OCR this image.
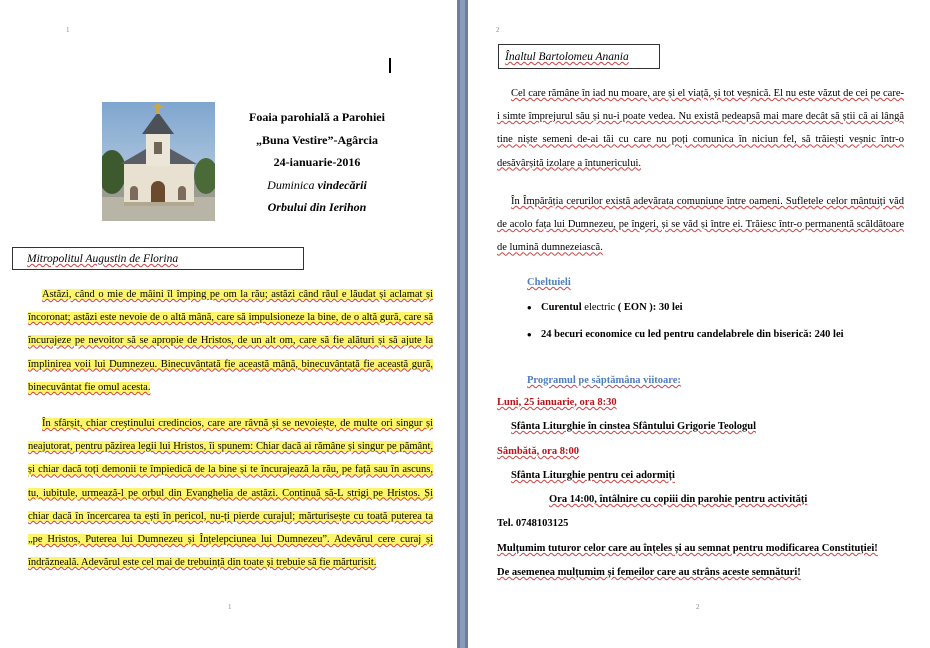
1
Foaia parohială a Parohiei
„Buna Vestire”-Agârcia
24-ianuarie-2016
Duminica vindecării
Orbului din Ierihon
Mitropolitul Augustin de Florina
Astăzi, când o mie de mâini îl împing pe om la rău; astăzi când răul e lăudat și aclamat și încoronat; astăzi este nevoie de o altă mână, care să impulsioneze la bine, de o altă gură, care să încurajeze pe nevoitor să se apropie de Hristos, de un alt om, care să fie alături și să ajute la împlinirea voii lui Dumnezeu. Binecuvântată fie această mână, binecuvântată fie această gură, binecuvântat fie omul acesta.
În sfârșit, chiar creștinului credincios, care are râvnă și se nevoiește, de multe ori singur și neajutorat, pentru păzirea legii lui Hristos, îi spunem: Chiar dacă ai rămâne și singur pe pământ, și chiar dacă toți demonii te împiedică de la bine și te încurajează la rău, pe față sau în ascuns, tu, iubitule, urmează-l pe orbul din Evanghelia de astăzi. Continuă să-L strigi pe Hristos. Și chiar dacă în încercarea ta ești în pericol, nu-ți pierde curajul; mărturisește cu toată puterea ta „pe Hristos, Puterea lui Dumnezeu și Înțelepciunea lui Dumnezeu”. Adevărul cere curaj și îndrăzneală. Adevărul este cel mai de trebuință din toate și trebuie să fie mărturisit.
1
2
2
Înaltul Bartolomeu Anania
Cel care rămâne în iad nu moare, are și el viață, și tot veșnică. El nu este văzut de cei pe care-i simte împrejurul său și nu-i poate vedea. Nu există pedeapsă mai mare decât să știi că ai lângă tine niște semeni de-ai tăi cu care nu poți comunica în niciun fel, să trăiești veșnic într-o desăvârșită izolare a întunericului.
În Împărăția cerurilor există adevărata comuniune între oameni. Sufletele celor mântuiți văd de acolo fața lui Dumnezeu, pe îngeri, și se văd și între ei. Trăiesc într-o permanentă scăldătoare de lumină dumnezeiască.
Cheltuieli
• Curentul electric ( EON ): 30 lei
• 24 becuri economice cu led pentru candelabrele din biserică: 240 lei
Programul pe săptămâna viitoare:
Luni, 25 ianuarie, ora 8:30
Sfânta Liturghie în cinstea Sfântului Grigorie Teologul
Sâmbătă, ora 8:00
Sfânta Liturghie pentru cei adormiți
Ora 14:00, întâlnire cu copiii din parohie pentru activități
Tel. 0748103125
Mulțumim tuturor celor care au înțeles și au semnat pentru modificarea Constituției!
De asemenea mulțumim și femeilor care au strâns aceste semnături!
